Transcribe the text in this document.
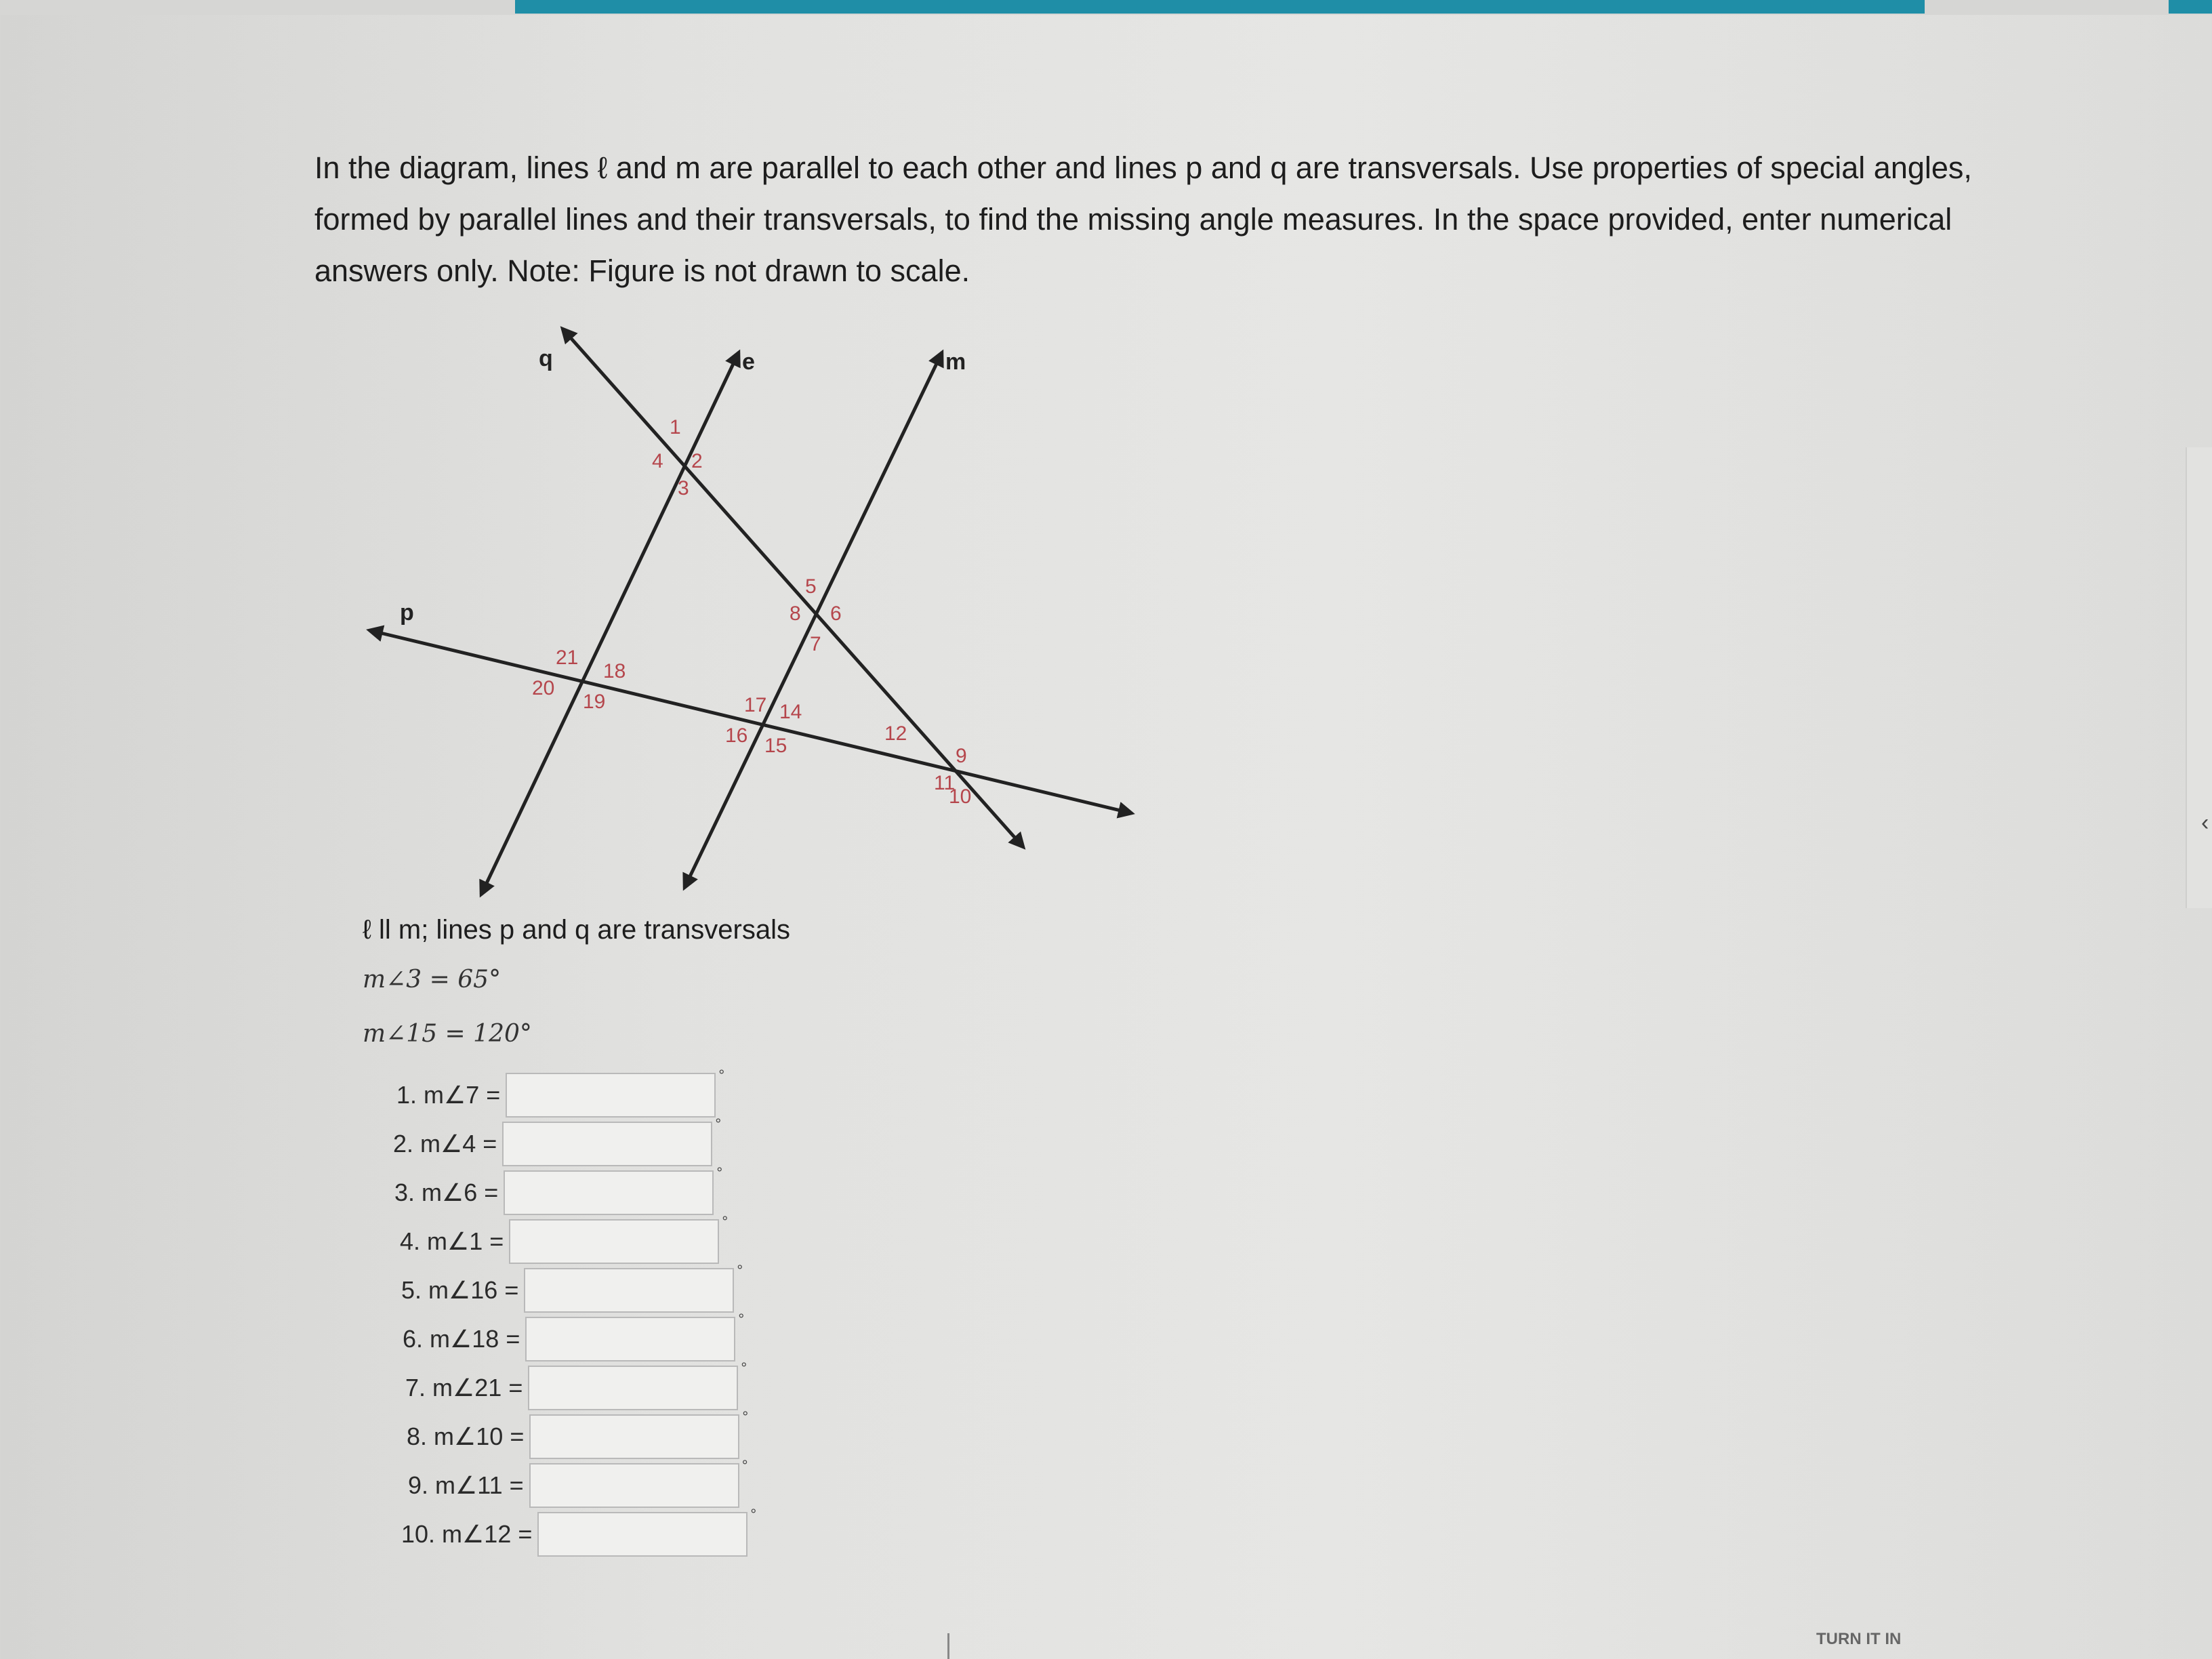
In the diagram, lines ℓ and m are parallel to each other and lines p and q are transversals. Use properties of special angles, formed by parallel lines and their transversals, to find the missing angle measures. In the space provided, enter numerical answers only. Note: Figure is not drawn to scale.

q	e	m
p
1
2
3
4
5
6
7
8
9
10
11
12
14
15
16
17
18
19
20
21
ℓ ll m; lines p and q are transversals
m∠3 = 65°
m∠15 = 120°
1. m∠7 =
°
2. m∠4 =
°
3. m∠6 =
°
4. m∠1 =
°
5. m∠16 =
°
6. m∠18 =
°
7. m∠21 =
°
8. m∠10 =
°
9. m∠11 =
°
10. m∠12 =
°
TURN IT IN
‹
